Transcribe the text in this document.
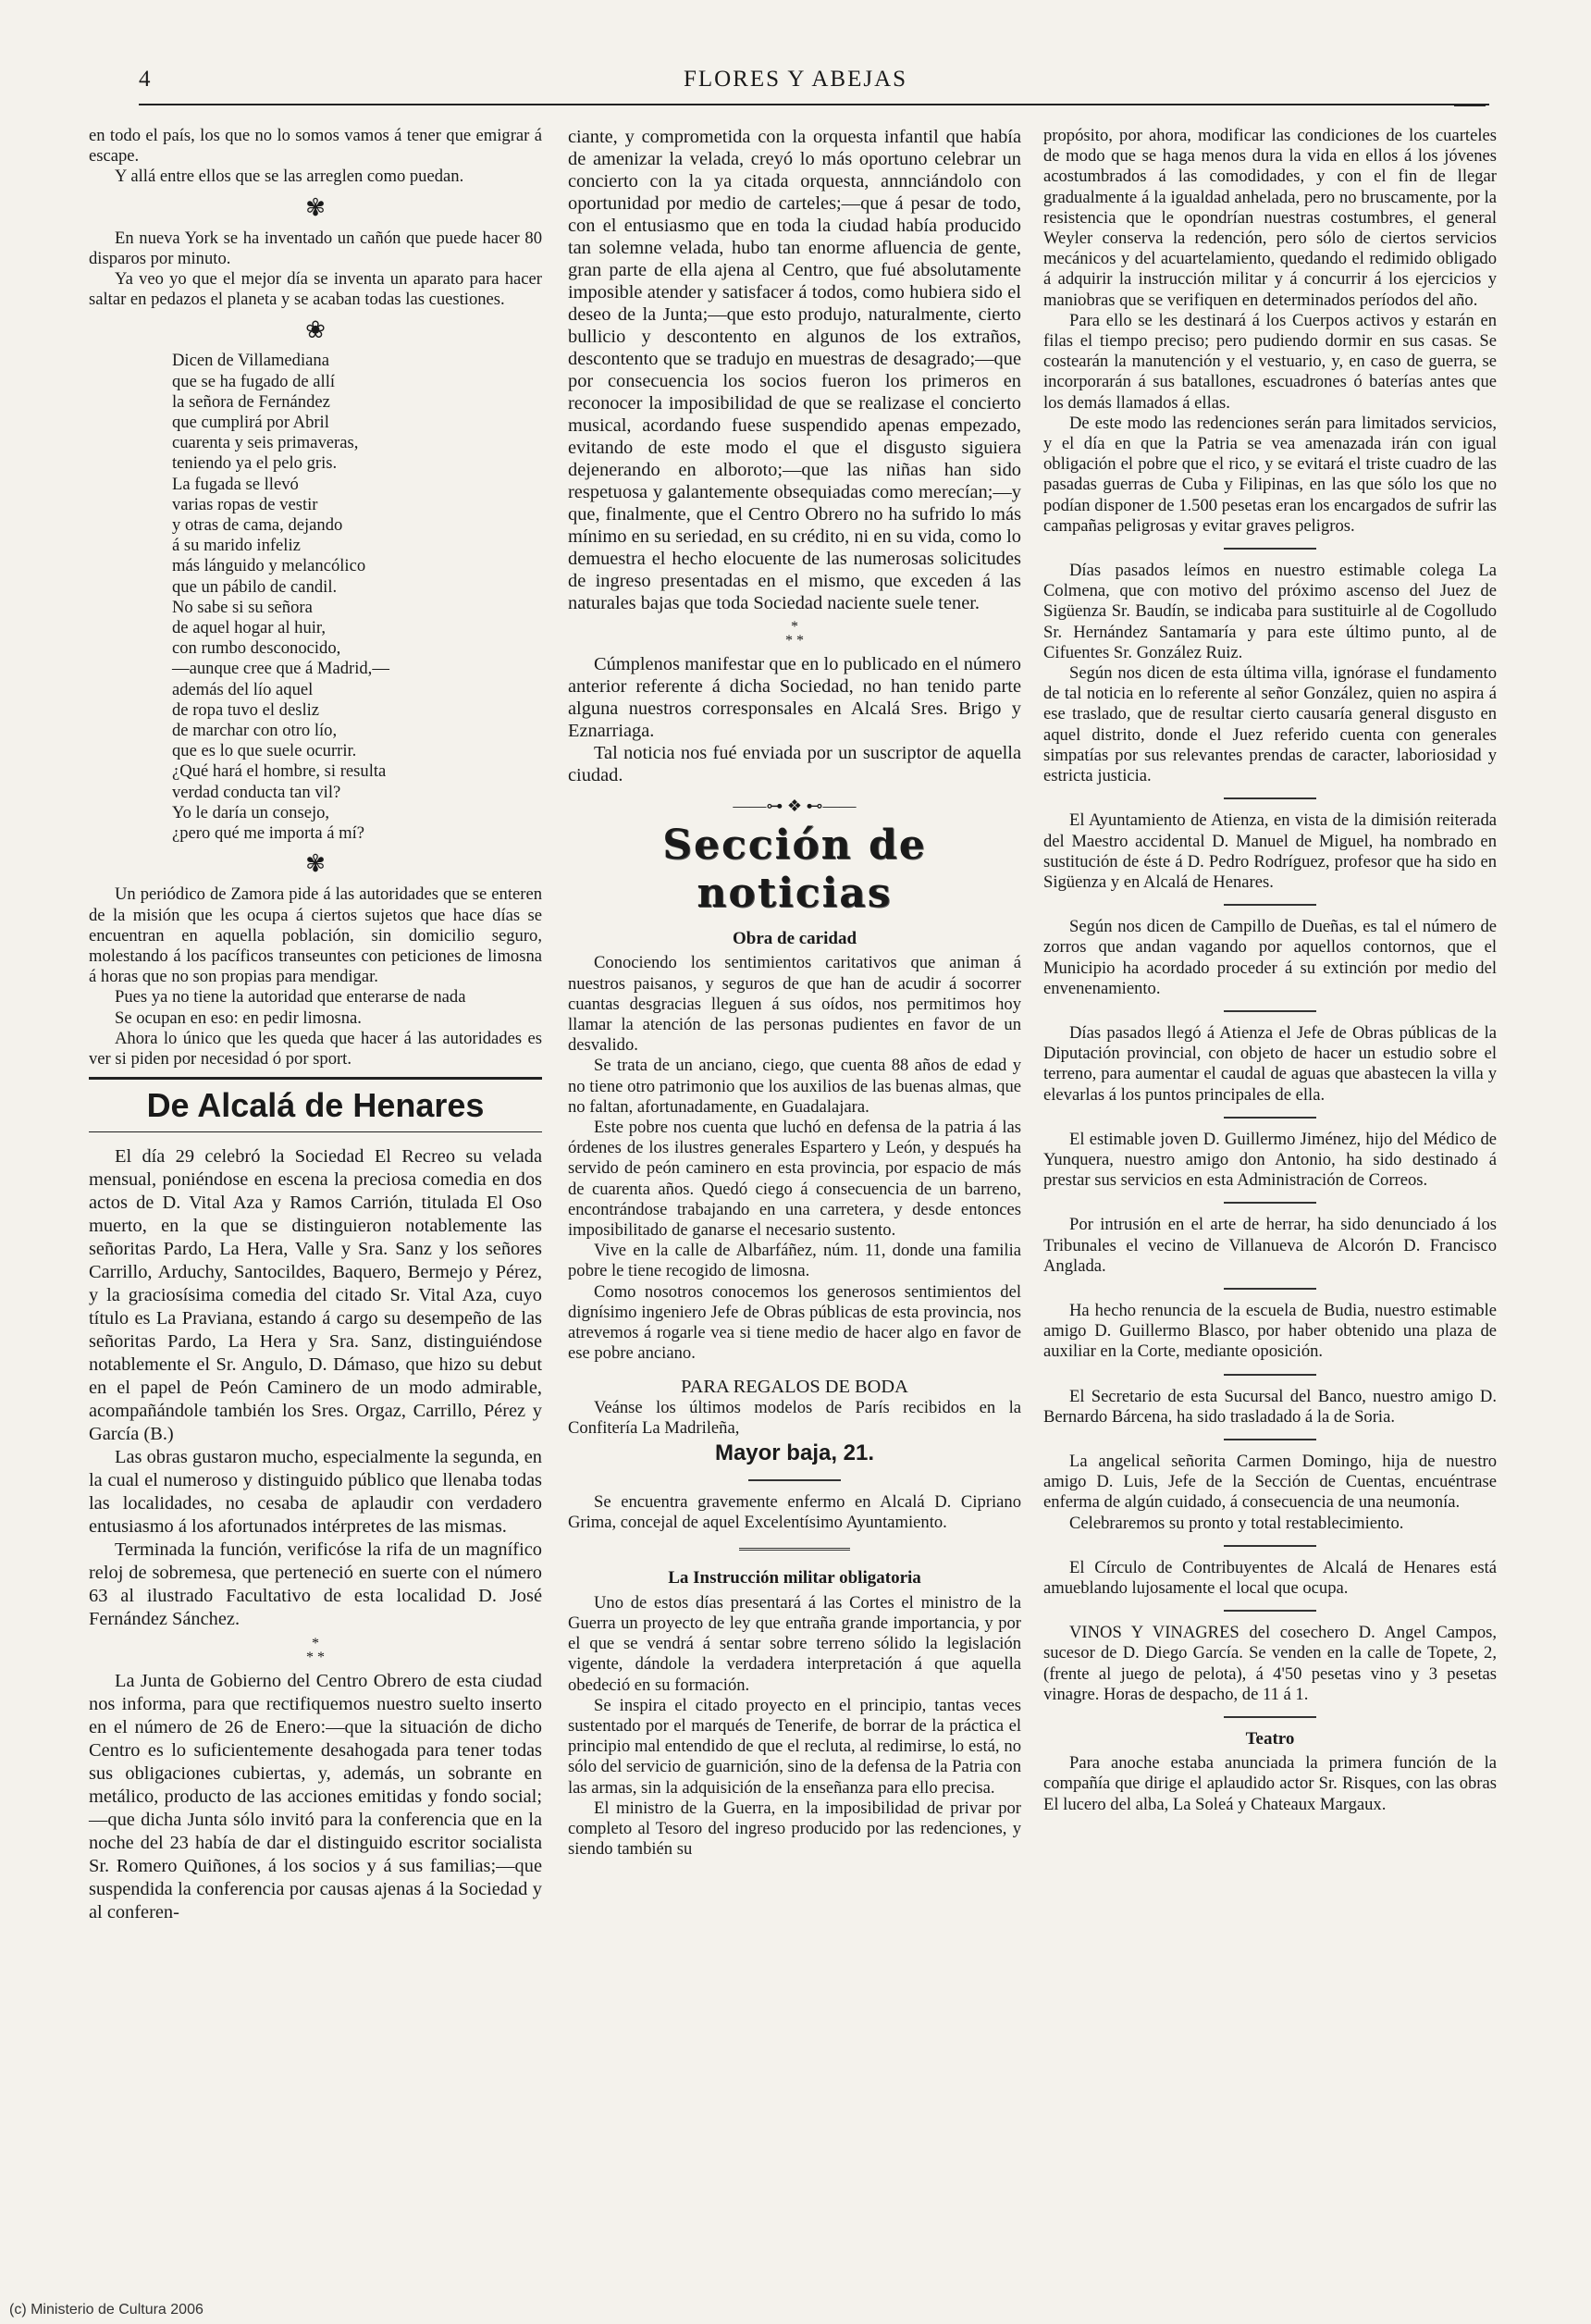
4	FLORES Y ABEJAS

en todo el país, los que no lo somos vamos á tener que emigrar á escape.

Y allá entre ellos que se las arreglen como puedan.

✾

En nueva York se ha inventado un cañón que puede hacer 80 disparos por minuto.

Ya veo yo que el mejor día se inventa un aparato para hacer saltar en pedazos el planeta y se acaban todas las cuestiones.

❀
Dicen de Villamediana
que se ha fugado de allí
la señora de Fernández
que cumplirá por Abril
cuarenta y seis primaveras,
teniendo ya el pelo gris.
La fugada se llevó
varias ropas de vestir
y otras de cama, dejando
á su marido infeliz
más lánguido y melancólico
que un pábilo de candil.
No sabe si su señora
de aquel hogar al huir,
con rumbo desconocido,
—aunque cree que á Madrid,—
además del lío aquel
de ropa tuvo el desliz
de marchar con otro lío,
que es lo que suele ocurrir.
¿Qué hará el hombre, si resulta
verdad conducta tan vil?
Yo le daría un consejo,
¿pero qué me importa á mí?
✾

Un periódico de Zamora pide á las autoridades que se enteren de la misión que les ocupa á ciertos sujetos que hace días se encuentran en aquella población, sin domicilio seguro, molestando á los pacíficos transeuntes con peticiones de limosna á horas que no son propias para mendigar.

Pues ya no tiene la autoridad que enterarse de nada

Se ocupan en eso: en pedir limosna.

Ahora lo único que les queda que hacer á las autoridades es ver si piden por necesidad ó por sport.

De Alcalá de Henares

El día 29 celebró la Sociedad El Recreo su velada mensual, poniéndose en escena la preciosa comedia en dos actos de D. Vital Aza y Ramos Carrión, titulada El Oso muerto, en la que se distinguieron notablemente las señoritas Pardo, La Hera, Valle y Sra. Sanz y los señores Carrillo, Arduchy, Santocildes, Baquero, Bermejo y Pérez, y la graciosísima comedia del citado Sr. Vital Aza, cuyo título es La Praviana, estando á cargo su desempeño de las señoritas Pardo, La Hera y Sra. Sanz, distinguiéndose notablemente el Sr. Angulo, D. Dámaso, que hizo su debut en el papel de Peón Caminero de un modo admirable, acompañándole también los Sres. Orgaz, Carrillo, Pérez y García (B.)

Las obras gustaron mucho, especialmente la segunda, en la cual el numeroso y distinguido público que llenaba todas las localidades, no cesaba de aplaudir con verdadero entusiasmo á los afortunados intérpretes de las mismas.

Terminada la función, verificóse la rifa de un magnífico reloj de sobremesa, que perteneció en suerte con el número 63 al ilustrado Facultativo de esta localidad D. José Fernández Sánchez.

*
* *

La Junta de Gobierno del Centro Obrero de esta ciudad nos informa, para que rectifiquemos nuestro suelto inserto en el número de 26 de Enero:—que la situación de dicho Centro es lo suficientemente desahogada para tener todas sus obligaciones cubiertas, y, además, un sobrante en metálico, producto de las acciones emitidas y fondo social;—que dicha Junta sólo invitó para la conferencia que en la noche del 23 había de dar el distinguido escritor socialista Sr. Romero Quiñones, á los socios y á sus familias;—que suspendida la conferencia por causas ajenas á la Sociedad y al conferen-

ciante, y comprometida con la orquesta infantil que había de amenizar la velada, creyó lo más oportuno celebrar un concierto con la ya citada orquesta, annnciándolo con oportunidad por medio de carteles;—que á pesar de todo, con el entusiasmo que en toda la ciudad había producido tan solemne velada, hubo tan enorme afluencia de gente, gran parte de ella ajena al Centro, que fué absolutamente imposible atender y satisfacer á todos, como hubiera sido el deseo de la Junta;—que esto produjo, naturalmente, cierto bullicio y descontento en algunos de los extraños, descontento que se tradujo en muestras de desagrado;—que por consecuencia los socios fueron los primeros en reconocer la imposibilidad de que se realizase el concierto musical, acordando fuese suspendido apenas empezado, evitando de este modo el que el disgusto siguiera dejenerando en alboroto;—que las niñas han sido respetuosa y galantemente obsequiadas como merecían;—y que, finalmente, que el Centro Obrero no ha sufrido lo más mínimo en su seriedad, en su crédito, ni en su vida, como lo demuestra el hecho elocuente de las numerosas solicitudes de ingreso presentadas en el mismo, que exceden á las naturales bajas que toda Sociedad naciente suele tener.

*
* *

Cúmplenos manifestar que en lo publicado en el número anterior referente á dicha Sociedad, no han tenido parte alguna nuestros corresponsales en Alcalá Sres. Brigo y Eznarriaga.

Tal noticia nos fué enviada por un suscriptor de aquella ciudad.

——⊶ ❖ ⊷——
Sección de noticias
Obra de caridad

Conociendo los sentimientos caritativos que animan á nuestros paisanos, y seguros de que han de acudir á socorrer cuantas desgracias lleguen á sus oídos, nos permitimos hoy llamar la atención de las personas pudientes en favor de un desvalido.

Se trata de un anciano, ciego, que cuenta 88 años de edad y no tiene otro patrimonio que los auxilios de las buenas almas, que no faltan, afortunadamente, en Guadalajara.

Este pobre nos cuenta que luchó en defensa de la patria á las órdenes de los ilustres generales Espartero y León, y después ha servido de peón caminero en esta provincia, por espacio de más de cuarenta años. Quedó ciego á consecuencia de un barreno, encontrándose trabajando en una carretera, y desde entonces imposibilitado de ganarse el necesario sustento.

Vive en la calle de Albarfáñez, núm. 11, donde una familia pobre le tiene recogido de limosna.

Como nosotros conocemos los generosos sentimientos del dignísimo ingeniero Jefe de Obras públicas de esta provincia, nos atrevemos á rogarle vea si tiene medio de hacer algo en favor de ese pobre anciano.

PARA REGALOS DE BODA

Veánse los últimos modelos de París recibidos en la Confitería La Madrileña,

Mayor baja, 21.

Se encuentra gravemente enfermo en Alcalá D. Cipriano Grima, concejal de aquel Excelentísimo Ayuntamiento.

La Instrucción militar obligatoria

Uno de estos días presentará á las Cortes el ministro de la Guerra un proyecto de ley que entraña grande importancia, y por el que se vendrá á sentar sobre terreno sólido la legislación vigente, dándole la verdadera interpretación á que aquella obedeció en su formación.

Se inspira el citado proyecto en el principio, tantas veces sustentado por el marqués de Tenerife, de borrar de la práctica el principio mal entendido de que el recluta, al redimirse, lo está, no sólo del servicio de guarnición, sino de la defensa de la Patria con las armas, sin la adquisición de la enseñanza para ello precisa.

El ministro de la Guerra, en la imposibilidad de privar por completo al Tesoro del ingreso producido por las redenciones, y siendo también su

propósito, por ahora, modificar las condiciones de los cuarteles de modo que se haga menos dura la vida en ellos á los jóvenes acostumbrados á las comodidades, y con el fin de llegar gradualmente á la igualdad anhelada, pero no bruscamente, por la resistencia que le opondrían nuestras costumbres, el general Weyler conserva la redención, pero sólo de ciertos servicios mecánicos y del acuartelamiento, quedando el redimido obligado á adquirir la instrucción militar y á concurrir á los ejercicios y maniobras que se verifiquen en determinados períodos del año.

Para ello se les destinará á los Cuerpos activos y estarán en filas el tiempo preciso; pero pudiendo dormir en sus casas. Se costearán la manutención y el vestuario, y, en caso de guerra, se incorporarán á sus batallones, escuadrones ó baterías antes que los demás llamados á ellas.

De este modo las redenciones serán para limitados servicios, y el día en que la Patria se vea amenazada irán con igual obligación el pobre que el rico, y se evitará el triste cuadro de las pasadas guerras de Cuba y Filipinas, en las que sólo los que no podían disponer de 1.500 pesetas eran los encargados de sufrir las campañas peligrosas y evitar graves peligros.

Días pasados leímos en nuestro estimable colega La Colmena, que con motivo del próximo ascenso del Juez de Sigüenza Sr. Baudín, se indicaba para sustituirle al de Cogolludo Sr. Hernández Santamaría y para este último punto, al de Cifuentes Sr. González Ruiz.

Según nos dicen de esta última villa, ignórase el fundamento de tal noticia en lo referente al señor González, quien no aspira á ese traslado, que de resultar cierto causaría general disgusto en aquel distrito, donde el Juez referido cuenta con generales simpatías por sus relevantes prendas de caracter, laboriosidad y estricta justicia.

El Ayuntamiento de Atienza, en vista de la dimisión reiterada del Maestro accidental D. Manuel de Miguel, ha nombrado en sustitución de éste á D. Pedro Rodríguez, profesor que ha sido en Sigüenza y en Alcalá de Henares.

Según nos dicen de Campillo de Dueñas, es tal el número de zorros que andan vagando por aquellos contornos, que el Municipio ha acordado proceder á su extinción por medio del envenenamiento.

Días pasados llegó á Atienza el Jefe de Obras públicas de la Diputación provincial, con objeto de hacer un estudio sobre el terreno, para aumentar el caudal de aguas que abastecen la villa y elevarlas á los puntos principales de ella.

El estimable joven D. Guillermo Jiménez, hijo del Médico de Yunquera, nuestro amigo don Antonio, ha sido destinado á prestar sus servicios en esta Administración de Correos.

Por intrusión en el arte de herrar, ha sido denunciado á los Tribunales el vecino de Villanueva de Alcorón D. Francisco Anglada.

Ha hecho renuncia de la escuela de Budia, nuestro estimable amigo D. Guillermo Blasco, por haber obtenido una plaza de auxiliar en la Corte, mediante oposición.

El Secretario de esta Sucursal del Banco, nuestro amigo D. Bernardo Bárcena, ha sido trasladado á la de Soria.

La angelical señorita Carmen Domingo, hija de nuestro amigo D. Luis, Jefe de la Sección de Cuentas, encuéntrase enferma de algún cuidado, á consecuencia de una neumonía.

Celebraremos su pronto y total restablecimiento.

El Círculo de Contribuyentes de Alcalá de Henares está amueblando lujosamente el local que ocupa.

VINOS Y VINAGRES del cosechero D. Angel Campos, sucesor de D. Diego García. Se venden en la calle de Topete, 2, (frente al juego de pelota), á 4'50 pesetas vino y 3 pesetas vinagre. Horas de despacho, de 11 á 1.

Teatro

Para anoche estaba anunciada la primera función de la compañía que dirige el aplaudido actor Sr. Risques, con las obras El lucero del alba, La Soleá y Chateaux Margaux.

(c) Ministerio de Cultura 2006
